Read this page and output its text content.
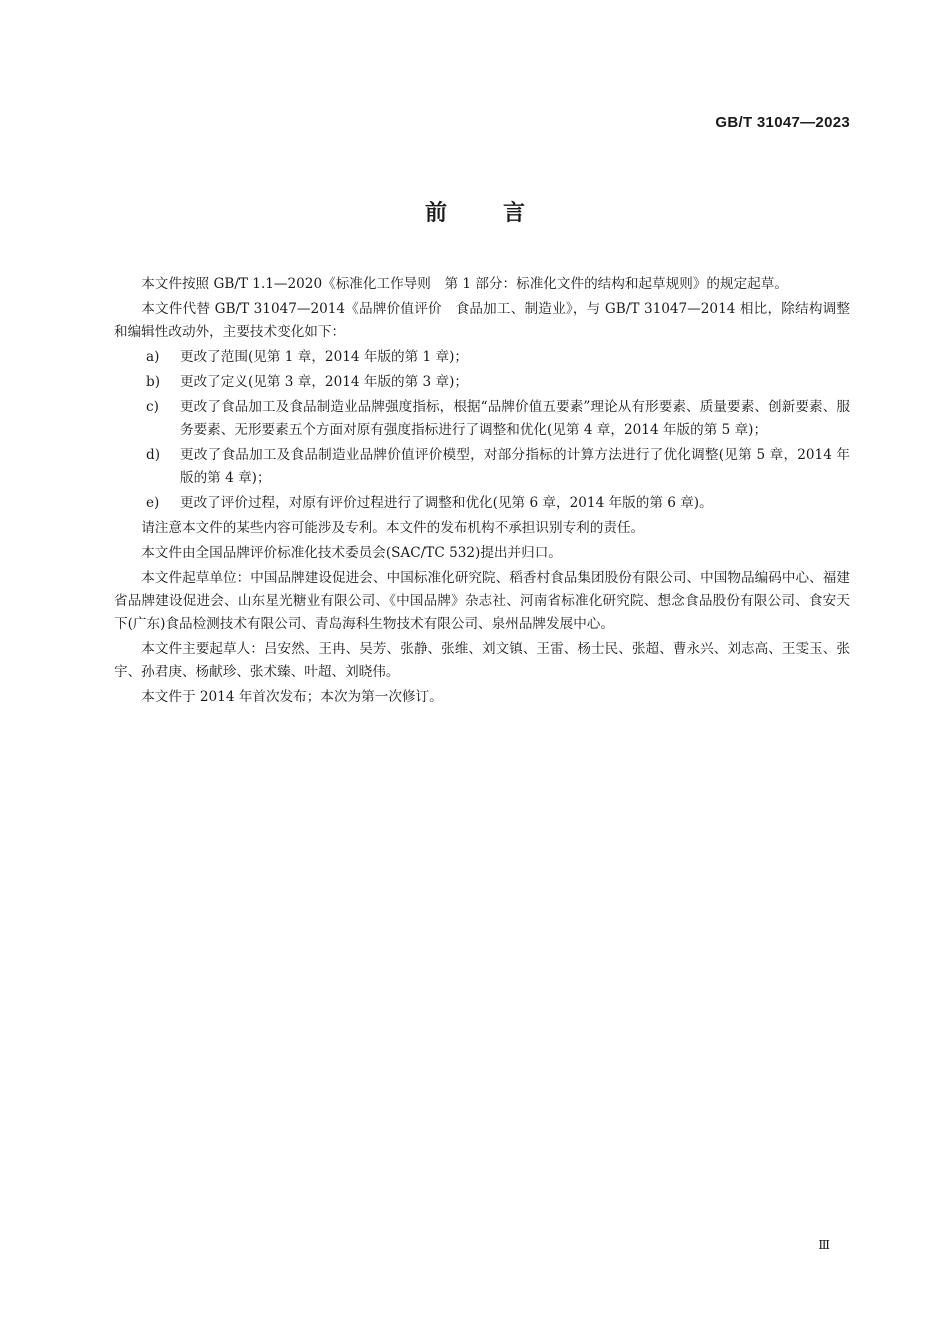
GB/T 31047—2023
前言

本文件按照 GB/T 1.1—2020《标准化工作导则　第 1 部分：标准化文件的结构和起草规则》的规定起草。

本文件代替 GB/T 31047—2014《品牌价值评价　食品加工、制造业》，与 GB/T 31047—2014 相比，除结构调整和编辑性改动外，主要技术变化如下：

a) 更改了范围(见第 1 章，2014 年版的第 1 章)；
b) 更改了定义(见第 3 章，2014 年版的第 3 章)；
c) 更改了食品加工及食品制造业品牌强度指标，根据“品牌价值五要素”理论从有形要素、质量要素、创新要素、服务要素、无形要素五个方面对原有强度指标进行了调整和优化(见第 4 章，2014 年版的第 5 章)；
d) 更改了食品加工及食品制造业品牌价值评价模型，对部分指标的计算方法进行了优化调整(见第 5 章，2014 年版的第 4 章)；
e) 更改了评价过程，对原有评价过程进行了调整和优化(见第 6 章，2014 年版的第 6 章)。

请注意本文件的某些内容可能涉及专利。本文件的发布机构不承担识别专利的责任。

本文件由全国品牌评价标准化技术委员会(SAC/TC 532)提出并归口。

本文件起草单位：中国品牌建设促进会、中国标准化研究院、稻香村食品集团股份有限公司、中国物品编码中心、福建省品牌建设促进会、山东星光糖业有限公司、《中国品牌》杂志社、河南省标准化研究院、想念食品股份有限公司、食安天下(广东)食品检测技术有限公司、青岛海科生物技术有限公司、泉州品牌发展中心。

本文件主要起草人：吕安然、王冉、吴芳、张静、张维、刘文镇、王雷、杨士民、张超、曹永兴、刘志高、王雯玉、张宇、孙君庚、杨献珍、张术臻、叶超、刘晓伟。

本文件于 2014 年首次发布；本次为第一次修订。

Ⅲ
